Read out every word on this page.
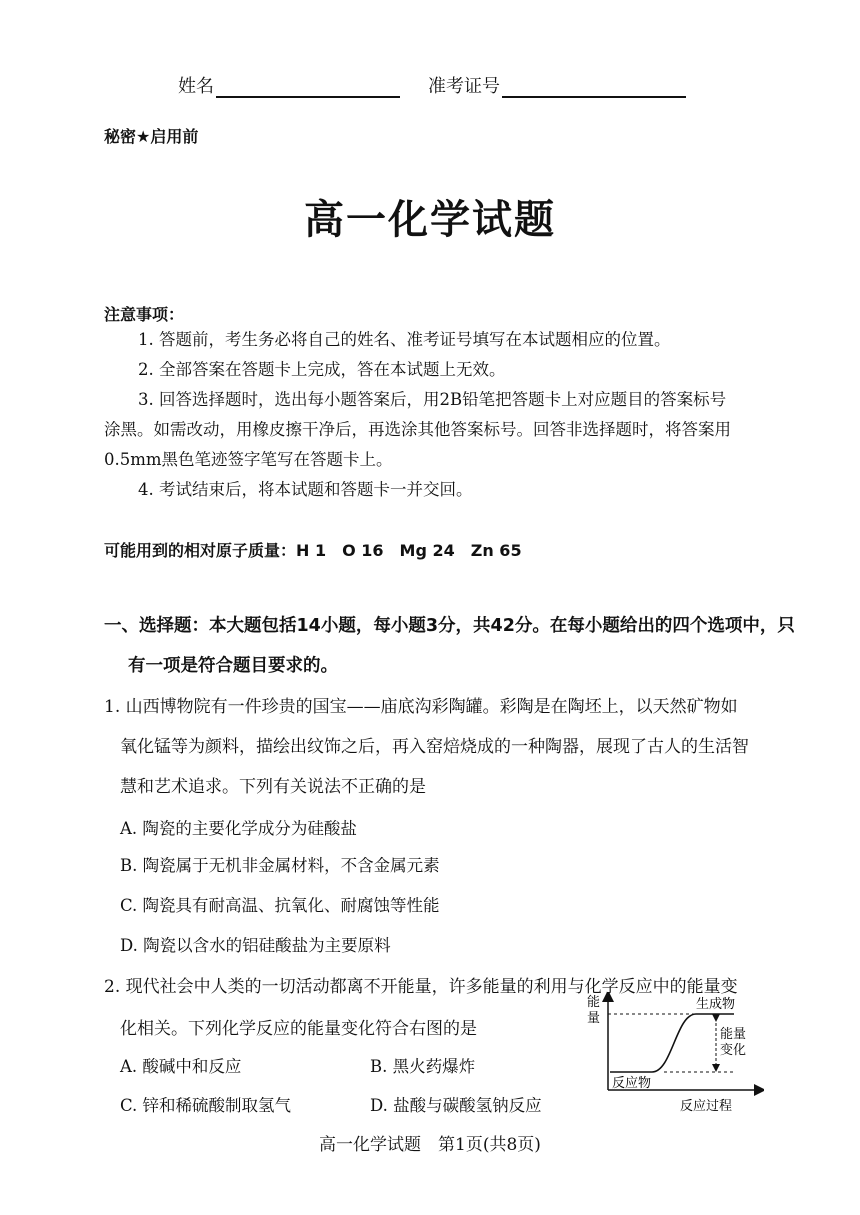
姓名	准考证号
秘密★启用前
高一化学试题
注意事项：
1. 答题前，考生务必将自己的姓名、准考证号填写在本试题相应的位置。
2. 全部答案在答题卡上完成，答在本试题上无效。
3. 回答选择题时，选出每小题答案后，用2B铅笔把答题卡上对应题目的答案标号
涂黑。如需改动，用橡皮擦干净后，再选涂其他答案标号。回答非选择题时，将答案用
0.5mm黑色笔迹签字笔写在答题卡上。
4. 考试结束后，将本试题和答题卡一并交回。
可能用到的相对原子质量：H 1　O 16　Mg 24　Zn 65
一、选择题：本大题包括14小题，每小题3分，共42分。在每小题给出的四个选项中，只
有一项是符合题目要求的。
1. 山西博物院有一件珍贵的国宝——庙底沟彩陶罐。彩陶是在陶坯上，以天然矿物如
氧化锰等为颜料，描绘出纹饰之后，再入窑焙烧成的一种陶器，展现了古人的生活智
慧和艺术追求。下列有关说法不正确的是
A. 陶瓷的主要化学成分为硅酸盐
B. 陶瓷属于无机非金属材料，不含金属元素
C. 陶瓷具有耐高温、抗氧化、耐腐蚀等性能
D. 陶瓷以含水的铝硅酸盐为主要原料
2. 现代社会中人类的一切活动都离不开能量，许多能量的利用与化学反应中的能量变
化相关。下列化学反应的能量变化符合右图的是
A. 酸碱中和反应	B. 黑火药爆炸
C. 锌和稀硫酸制取氢气	D. 盐酸与碳酸氢钠反应
能
量
生成物
反应物
能量
变化
反应过程
高一化学试题　第1页(共8页)
